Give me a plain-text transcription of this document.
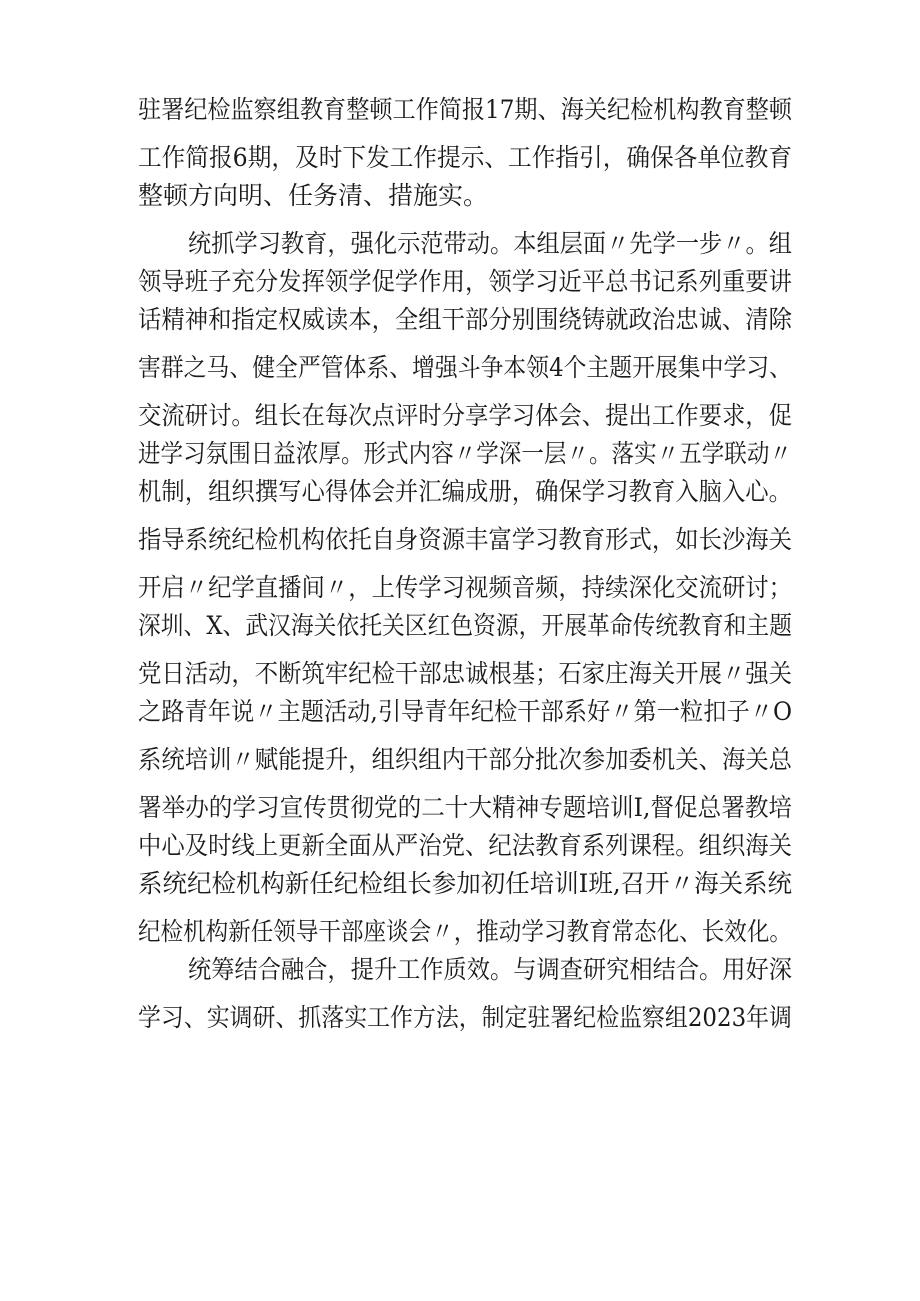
驻署纪检监察组教育整顿工作简报17期、海关纪检机构教育整顿
工作简报6期，及时下发工作提示、工作指引，确保各单位教育
整顿方向明、任务清、措施实。
统抓学习教育，强化示范带动。本组层面〃先学一步〃。组
领导班子充分发挥领学促学作用，领学习近平总书记系列重要讲
话精神和指定权威读本，全组干部分别围绕铸就政治忠诚、清除
害群之马、健全严管体系、增强斗争本领4个主题开展集中学习、
交流研讨。组长在每次点评时分享学习体会、提出工作要求，促
进学习氛围日益浓厚。形式内容〃学深一层〃。落实〃五学联动〃
机制，组织撰写心得体会并汇编成册，确保学习教育入脑入心。
指导系统纪检机构依托自身资源丰富学习教育形式，如长沙海关
开启〃纪学直播间〃，上传学习视频音频，持续深化交流研讨；
深圳、X、武汉海关依托关区红色资源，开展革命传统教育和主题
党日活动，不断筑牢纪检干部忠诚根基；石家庄海关开展〃强关
之路青年说〃主题活动,引导青年纪检干部系好〃第一粒扣子〃O
系统培训〃赋能提升，组织组内干部分批次参加委机关、海关总
署举办的学习宣传贯彻党的二十大精神专题培训I,督促总署教培
中心及时线上更新全面从严治党、纪法教育系列课程。组织海关
系统纪检机构新任纪检组长参加初任培训I班,召开〃海关系统
纪检机构新任领导干部座谈会〃，推动学习教育常态化、长效化。
统筹结合融合，提升工作质效。与调查研究相结合。用好深
学习、实调研、抓落实工作方法，制定驻署纪检监察组2023年调
